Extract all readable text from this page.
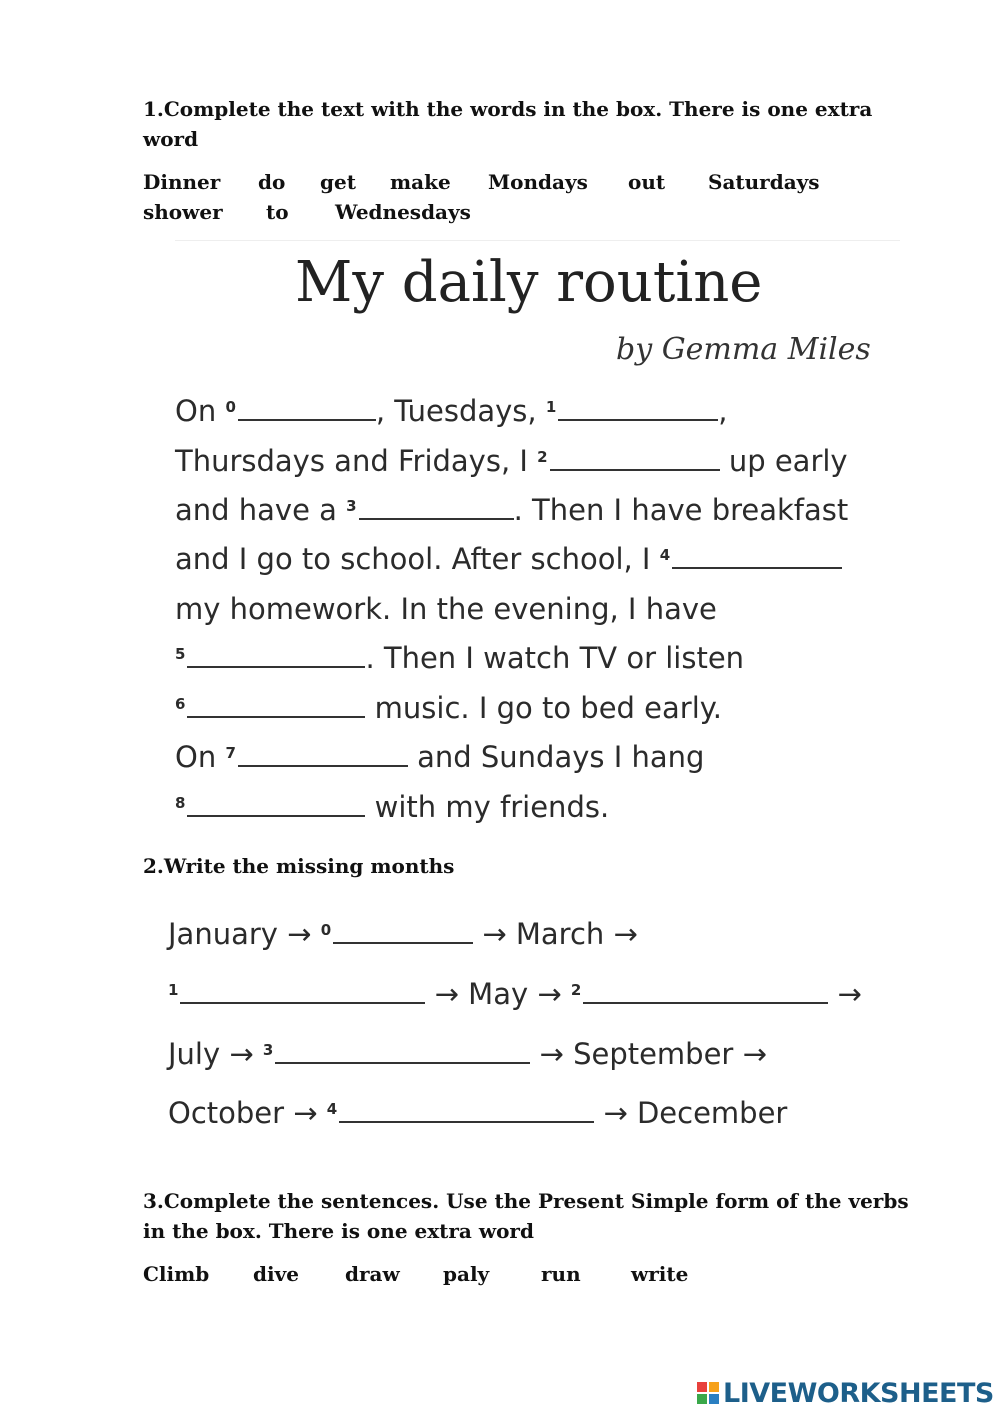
1.Complete the text with the words in the box. There is one extra word
Dinner do get make Mondays out Saturdays
shower to Wednesdays
My daily routine
by Gemma Miles
On $^0$	, Tuesdays, $^1$	,
Thursdays and Fridays, I $^2$	up early
and have a $^3$	. Then I have breakfast
and I go to school. After school, I $^4$
my homework. In the evening, I have
$^5$	. Then I watch TV or listen
$^6$	music. I go to bed early.
On $^7$	and Sundays I hang
$^8$	with my friends.
2.Write the missing months
January → $^0$	→ March →
$^1$	→ May → $^2$	→
July → $^3$	→ September →
October → $^4$	→ December
3.Complete the sentences. Use the Present Simple form of the verbs in the box. There is one extra word
Climb dive draw paly	run	write
LIVEWORKSHEETS
